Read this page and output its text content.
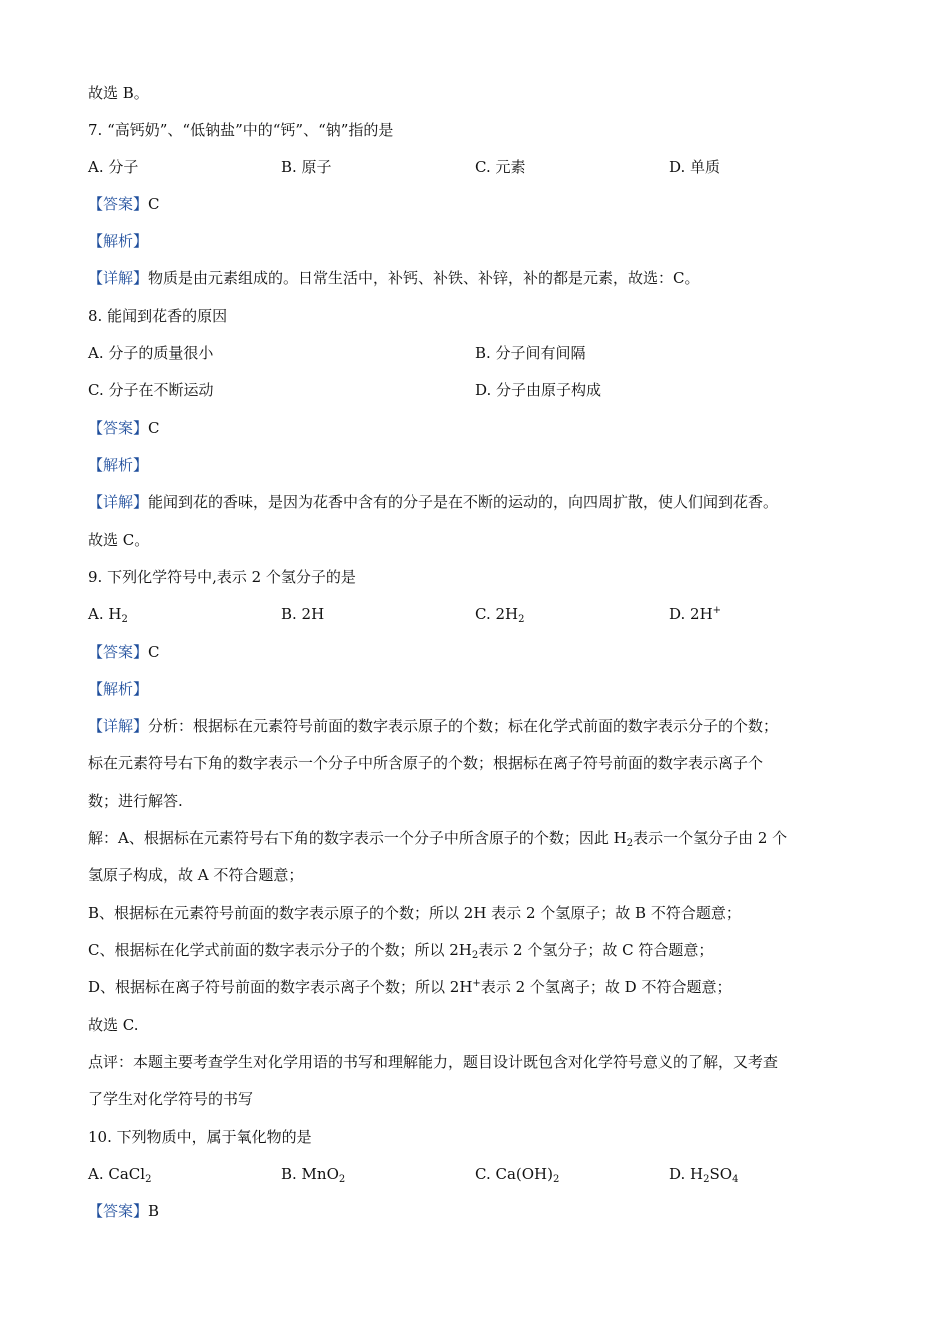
故选 B。
7. “高钙奶”、“低钠盐”中的“钙”、“钠”指的是
A. 分子	B. 原子	C. 元素	D. 单质
【答案】C
【解析】
【详解】物质是由元素组成的。日常生活中，补钙、补铁、补锌，补的都是元素，故选：C。
8. 能闻到花香的原因
A. 分子的质量很小	B. 分子间有间隔
C. 分子在不断运动	D. 分子由原子构成
【答案】C
【解析】
【详解】能闻到花的香味，是因为花香中含有的分子是在不断的运动的，向四周扩散，使人们闻到花香。
故选 C。
9. 下列化学符号中,表示 2 个氢分子的是
A. $H_2$	B. 2H	C. $2H_2$	D. 2H+
【答案】C
【解析】
【详解】分析：根据标在元素符号前面的数字表示原子的个数；标在化学式前面的数字表示分子的个数；
标在元素符号右下角的数字表示一个分子中所含原子的个数；根据标在离子符号前面的数字表示离子个
数；进行解答.
解：A、根据标在元素符号右下角的数字表示一个分子中所含原子的个数；因此 $H_2$表示一个氢分子由 2 个
氢原子构成，故 A 不符合题意；
B、根据标在元素符号前面的数字表示原子的个数；所以 2H 表示 2 个氢原子；故 B 不符合题意；
C、根据标在化学式前面的数字表示分子的个数；所以 $2H_2$表示 2 个氢分子；故 C 符合题意；
D、根据标在离子符号前面的数字表示离子个数；所以 2H+表示 2 个氢离子；故 D 不符合题意；
故选 C.
点评：本题主要考查学生对化学用语的书写和理解能力，题目设计既包含对化学符号意义的了解，又考查
了学生对化学符号的书写
10. 下列物质中，属于氧化物的是
A. CaCl$_2$	B. MnO$_2$	C. $Ca(OH)_2$	D. $H_2SO_4$
【答案】B
